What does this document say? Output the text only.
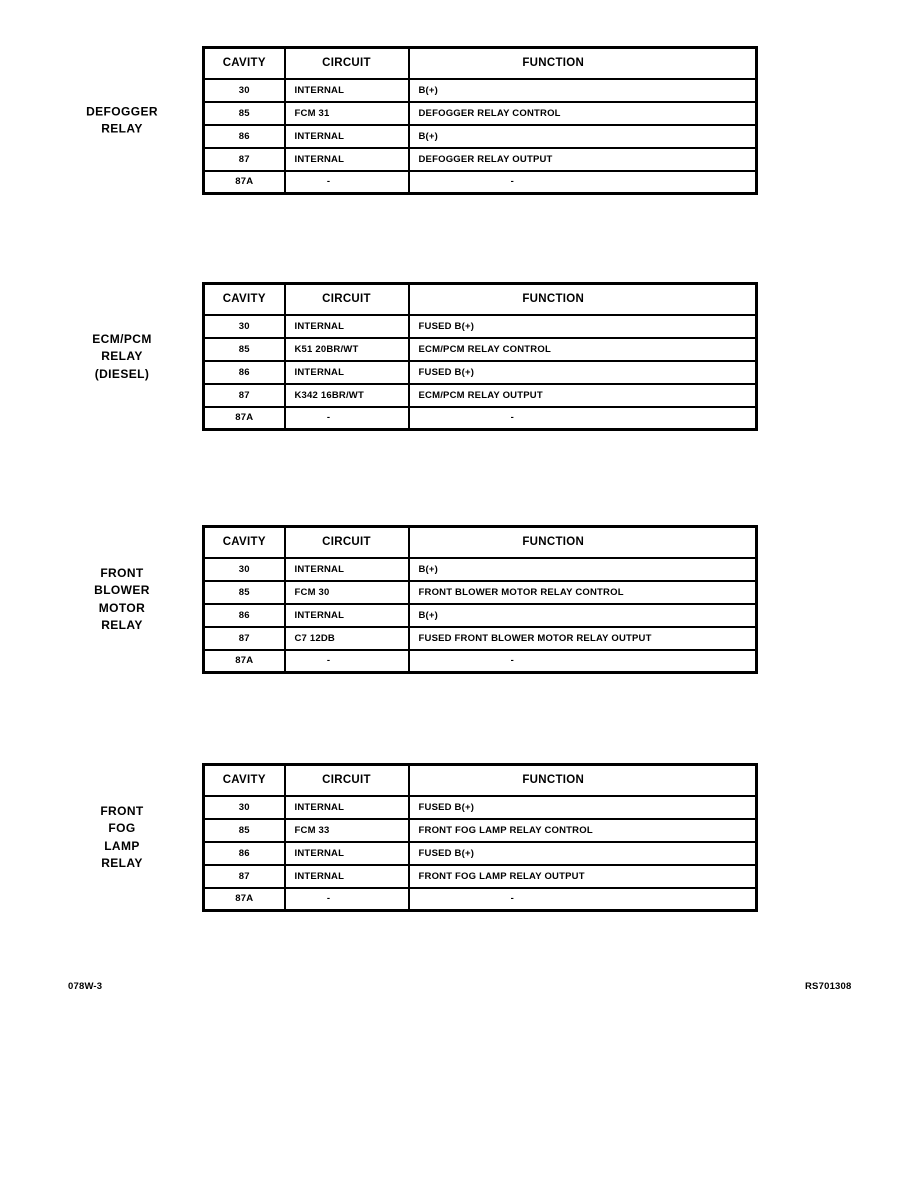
DEFOGGER
RELAY
CAVITY	CIRCUIT	FUNCTION
30	INTERNAL	B(+)
85	FCM 31	DEFOGGER RELAY CONTROL
86	INTERNAL	B(+)
87	INTERNAL	DEFOGGER RELAY OUTPUT
87A	-	-
ECM/PCM
RELAY
(DIESEL)
CAVITY	CIRCUIT	FUNCTION
30	INTERNAL	FUSED B(+)
85	K51 20BR/WT	ECM/PCM RELAY CONTROL
86	INTERNAL	FUSED B(+)
87	K342 16BR/WT	ECM/PCM RELAY OUTPUT
87A	-	-
FRONT
BLOWER
MOTOR
RELAY
CAVITY	CIRCUIT	FUNCTION
30	INTERNAL	B(+)
85	FCM 30	FRONT BLOWER MOTOR RELAY CONTROL
86	INTERNAL	B(+)
87	C7 12DB	FUSED FRONT BLOWER MOTOR RELAY OUTPUT
87A	-	-
FRONT
FOG
LAMP
RELAY
CAVITY	CIRCUIT	FUNCTION
30	INTERNAL	FUSED B(+)
85	FCM 33	FRONT FOG LAMP RELAY CONTROL
86	INTERNAL	FUSED B(+)
87	INTERNAL	FRONT FOG LAMP RELAY OUTPUT
87A	-	-
078W-3	RS701308
